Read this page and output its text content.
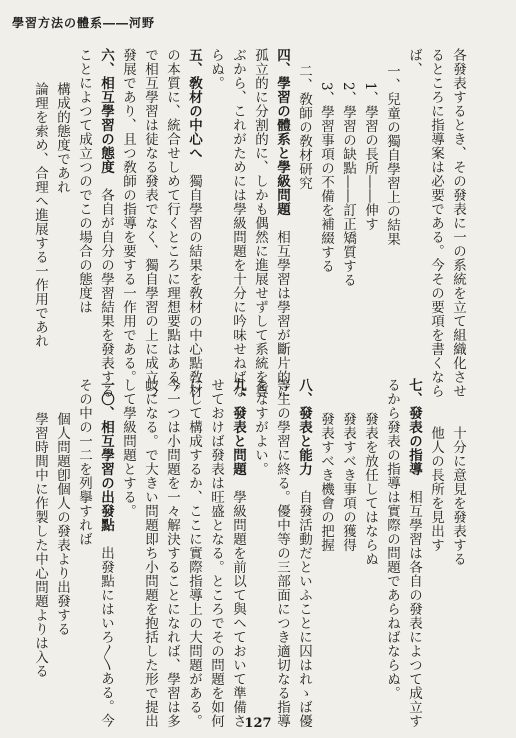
學習方法の體系――河野
各發表するとき、その發表に一の系統を立て組織化させ
るところに指導案は必要である。今その要項を書くなら
ば、
一、兒童の獨自學習上の結果
1、學習の長所――伸す
2、學習の缺點――訂正矯質する
3、學習事項の不備を補綴する
二、敎師の敎材研究
四、學習の體系と學級問題　相互學習は學習が斷片的に
孤立的に分割的に、しかも偶然に進展せずして系統を尊
ぶから、これがためには學級問題を十分に吟味せねばな
らぬ。
五、敎材の中心へ　獨自學習の結果を敎材の中心點敎材
の本質に、統合せしめて行くところに理想要點はある。
で相互學習は徒なる發表でなく、獨自學習の上に成立つ
發展であり、且つ敎師の指導を要する一作用である。
六、相互學習の態度　各自が自分の學習結果を發表する
ことによつて成立つのでこの場合の態度は
構成的態度であれ
論理を索め、合理へ進展する一作用であれ
十分に意見を發表する
他人の長所を見出す
七、發表の指導　相互學習は各自の發表によつて成立す
るから發表の指導は實際の問題であらねばならぬ。
發表を放任してはならぬ
發表すべき事項の獲得
發表すべき機會の把握
八、發表と能力　自發活動だといふことに囚はれゝば優
等生の學習に終る。優中等の三部面につき適切なる指導
をなすがよい。
九、發表と問題　學級問題を前以て與へておいて準備さ
せておけば發表は旺盛となる。ところでその問題を如何
にして構成するか、ここに實際指導上の大問題がある。
今一つは小問題を一々解決することになれば、學習は多
岐になる。で大きい問題即ち小問題を抱括した形で提出
して學級問題とする。
一〇、相互學習の出發點　出發點にはいろ〳〵ある。今
その中の一二を列擧すれば
個人問題卽個人の發表より出發する
學習時間中に作製した中心問題よりは入る
127
